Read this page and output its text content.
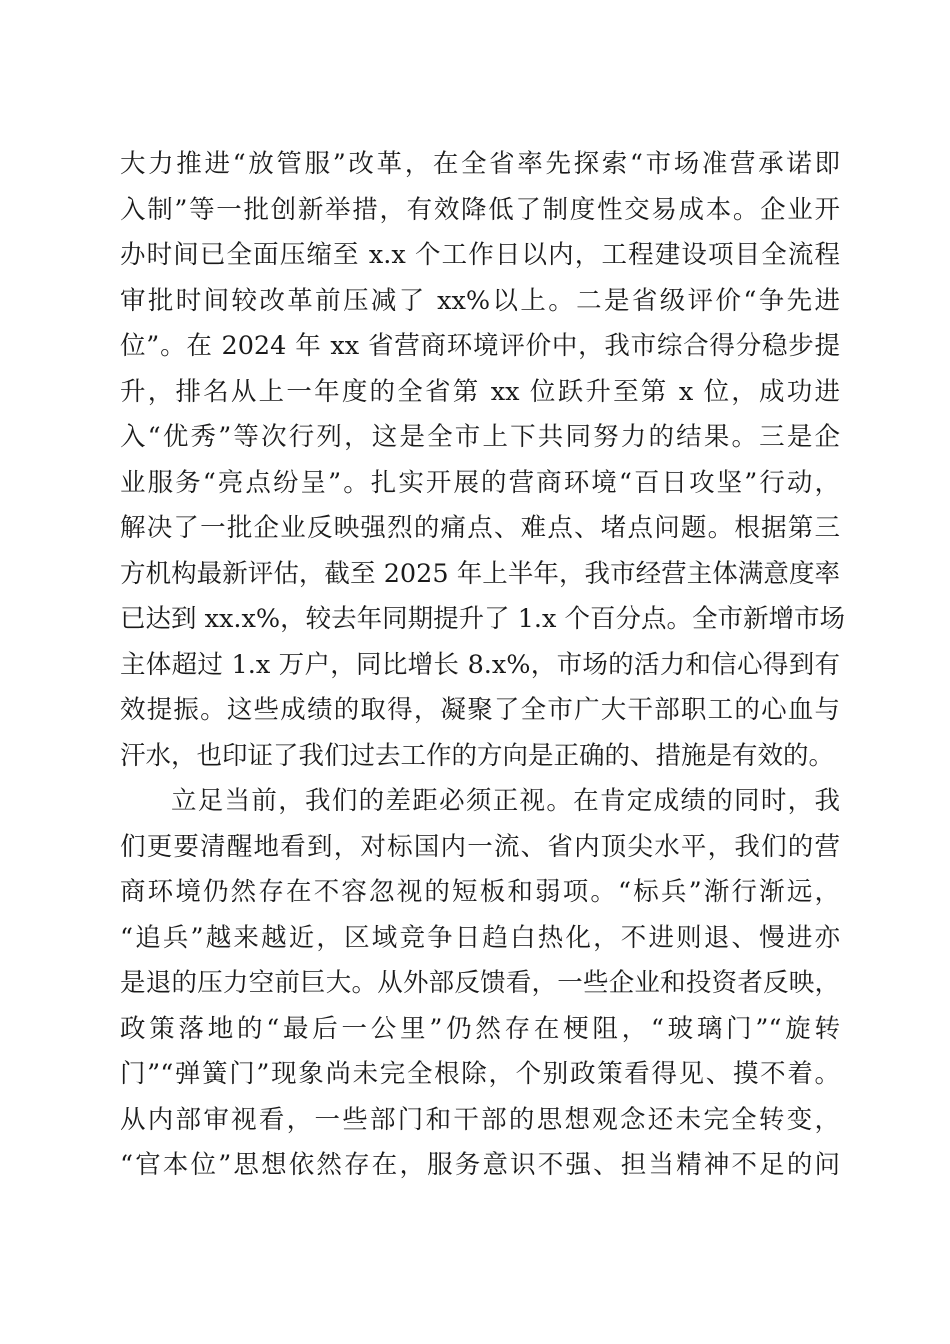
大力推进“放管服”改革，在全省率先探索“市场准营承诺即
入制”等一批创新举措，有效降低了制度性交易成本。企业开
办时间已全面压缩至 x.x 个工作日以内，工程建设项目全流程
审批时间较改革前压减了 xx%以上。二是省级评价“争先进
位”。在 2024 年 xx 省营商环境评价中，我市综合得分稳步提
升，排名从上一年度的全省第 xx 位跃升至第 x 位，成功进
入“优秀”等次行列，这是全市上下共同努力的结果。三是企
业服务“亮点纷呈”。扎实开展的营商环境“百日攻坚”行动，
解决了一批企业反映强烈的痛点、难点、堵点问题。根据第三
方机构最新评估，截至 2025 年上半年，我市经营主体满意度率
已达到 xx.x%，较去年同期提升了 1.x 个百分点。全市新增市场
主体超过 1.x 万户，同比增长 8.x%，市场的活力和信心得到有
效提振。这些成绩的取得，凝聚了全市广大干部职工的心血与
汗水，也印证了我们过去工作的方向是正确的、措施是有效的。
立足当前，我们的差距必须正视。在肯定成绩的同时，我
们更要清醒地看到，对标国内一流、省内顶尖水平，我们的营
商环境仍然存在不容忽视的短板和弱项。“标兵”渐行渐远，
“追兵”越来越近，区域竞争日趋白热化，不进则退、慢进亦
是退的压力空前巨大。从外部反馈看，一些企业和投资者反映，
政策落地的“最后一公里”仍然存在梗阻，“玻璃门”“旋转
门”“弹簧门”现象尚未完全根除，个别政策看得见、摸不着。
从内部审视看，一些部门和干部的思想观念还未完全转变，
“官本位”思想依然存在，服务意识不强、担当精神不足的问
